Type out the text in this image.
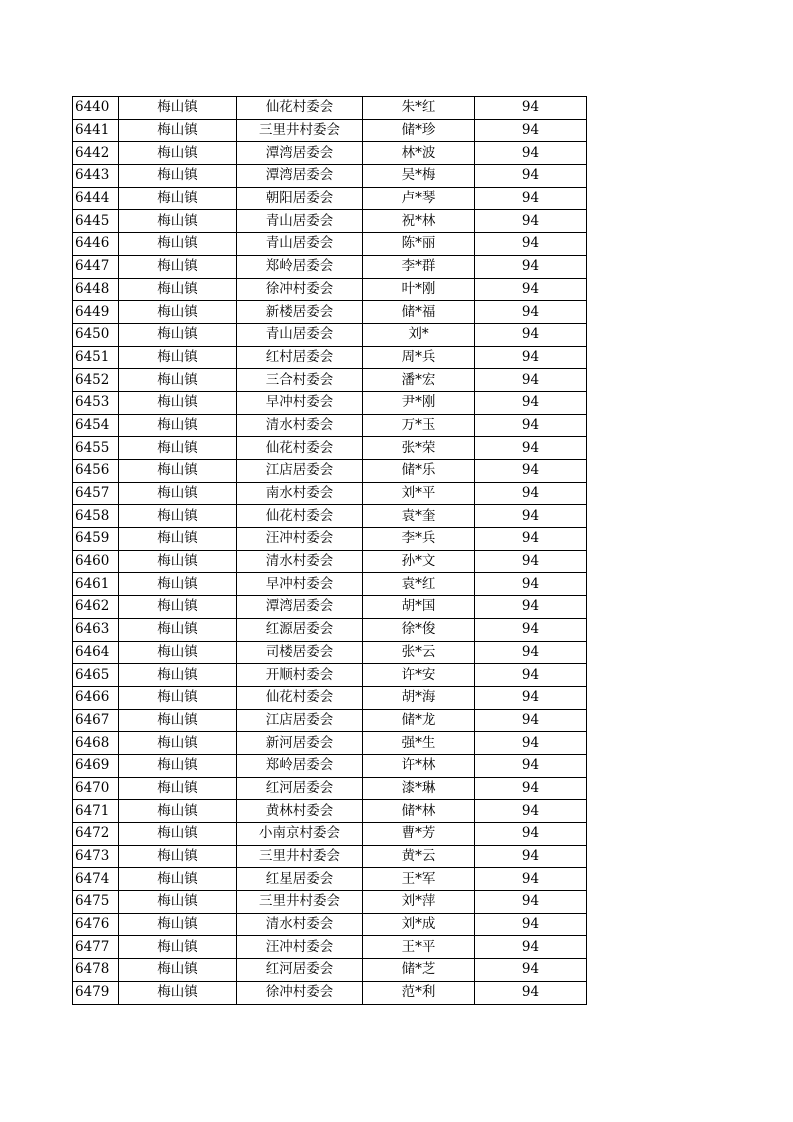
6440	梅山镇	仙花村委会	朱*红	94
6441	梅山镇	三里井村委会	储*珍	94
6442	梅山镇	潭湾居委会	林*波	94
6443	梅山镇	潭湾居委会	吴*梅	94
6444	梅山镇	朝阳居委会	卢*琴	94
6445	梅山镇	青山居委会	祝*林	94
6446	梅山镇	青山居委会	陈*丽	94
6447	梅山镇	郑岭居委会	李*群	94
6448	梅山镇	徐冲村委会	叶*刚	94
6449	梅山镇	新楼居委会	储*福	94
6450	梅山镇	青山居委会	刘*	94
6451	梅山镇	红村居委会	周*兵	94
6452	梅山镇	三合村委会	潘*宏	94
6453	梅山镇	早冲村委会	尹*刚	94
6454	梅山镇	清水村委会	万*玉	94
6455	梅山镇	仙花村委会	张*荣	94
6456	梅山镇	江店居委会	储*乐	94
6457	梅山镇	南水村委会	刘*平	94
6458	梅山镇	仙花村委会	袁*奎	94
6459	梅山镇	汪冲村委会	李*兵	94
6460	梅山镇	清水村委会	孙*文	94
6461	梅山镇	早冲村委会	袁*红	94
6462	梅山镇	潭湾居委会	胡*国	94
6463	梅山镇	红源居委会	徐*俊	94
6464	梅山镇	司楼居委会	张*云	94
6465	梅山镇	开顺村委会	许*安	94
6466	梅山镇	仙花村委会	胡*海	94
6467	梅山镇	江店居委会	储*龙	94
6468	梅山镇	新河居委会	强*生	94
6469	梅山镇	郑岭居委会	许*林	94
6470	梅山镇	红河居委会	漆*琳	94
6471	梅山镇	黄林村委会	储*林	94
6472	梅山镇	小南京村委会	曹*芳	94
6473	梅山镇	三里井村委会	黄*云	94
6474	梅山镇	红星居委会	王*军	94
6475	梅山镇	三里井村委会	刘*萍	94
6476	梅山镇	清水村委会	刘*成	94
6477	梅山镇	汪冲村委会	王*平	94
6478	梅山镇	红河居委会	储*芝	94
6479	梅山镇	徐冲村委会	范*利	94
